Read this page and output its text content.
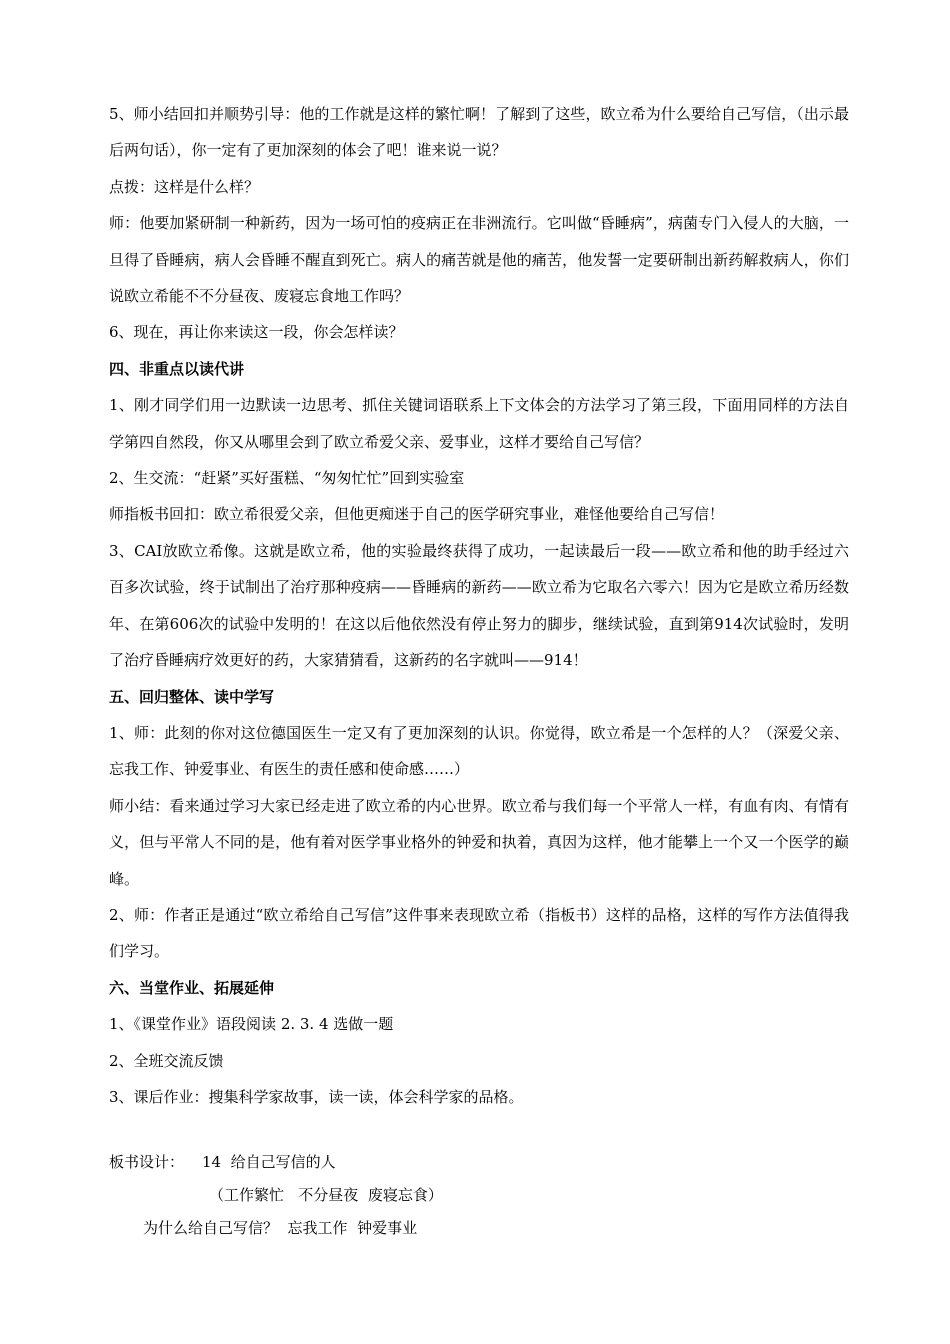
5、师小结回扣并顺势引导：他的工作就是这样的繁忙啊！了解到了这些，欧立希为什么要给自己写信，（出示最后两句话），你一定有了更加深刻的体会了吧！谁来说一说？

点拨：这样是什么样？

师：他要加紧研制一种新药，因为一场可怕的疫病正在非洲流行。它叫做“昏睡病”，病菌专门入侵人的大脑，一旦得了昏睡病，病人会昏睡不醒直到死亡。病人的痛苦就是他的痛苦，他发誓一定要研制出新药解救病人，你们说欧立希能不不分昼夜、废寝忘食地工作吗？

6、现在，再让你来读这一段，你会怎样读？

四、非重点以读代讲

1、刚才同学们用一边默读一边思考、抓住关键词语联系上下文体会的方法学习了第三段，下面用同样的方法自学第四自然段，你又从哪里会到了欧立希爱父亲、爱事业，这样才要给自己写信？

2、生交流：“赶紧”买好蛋糕、“匆匆忙忙”回到实验室

师指板书回扣：欧立希很爱父亲，但他更痴迷于自己的医学研究事业，难怪他要给自己写信！

3、CAI放欧立希像。这就是欧立希，他的实验最终获得了成功，一起读最后一段——欧立希和他的助手经过六百多次试验，终于试制出了治疗那种疫病——昏睡病的新药——欧立希为它取名六零六！因为它是欧立希历经数年、在第606次的试验中发明的！在这以后他依然没有停止努力的脚步，继续试验，直到第914次试验时，发明了治疗昏睡病疗效更好的药，大家猜猜看，这新药的名字就叫——914！

五、回归整体、读中学写

1、师：此刻的你对这位德国医生一定又有了更加深刻的认识。你觉得，欧立希是一个怎样的人？（深爱父亲、忘我工作、钟爱事业、有医生的责任感和使命感……）

师小结：看来通过学习大家已经走进了欧立希的内心世界。欧立希与我们每一个平常人一样，有血有肉、有情有义，但与平常人不同的是，他有着对医学事业格外的钟爱和执着，真因为这样，他才能攀上一个又一个医学的巅峰。

2、师：作者正是通过“欧立希给自己写信”这件事来表现欧立希（指板书）这样的品格，这样的写作方法值得我们学习。

六、当堂作业、拓展延伸

1、《课堂作业》语段阅读 2. 3. 4 选做一题

2、全班交流反馈

3、课后作业：搜集科学家故事，读一读，体会科学家的品格。

板书设计： 14  给自己写信的人
（工作繁忙   不分昼夜  废寝忘食）
为什么给自己写信？  忘我工作  钟爱事业
